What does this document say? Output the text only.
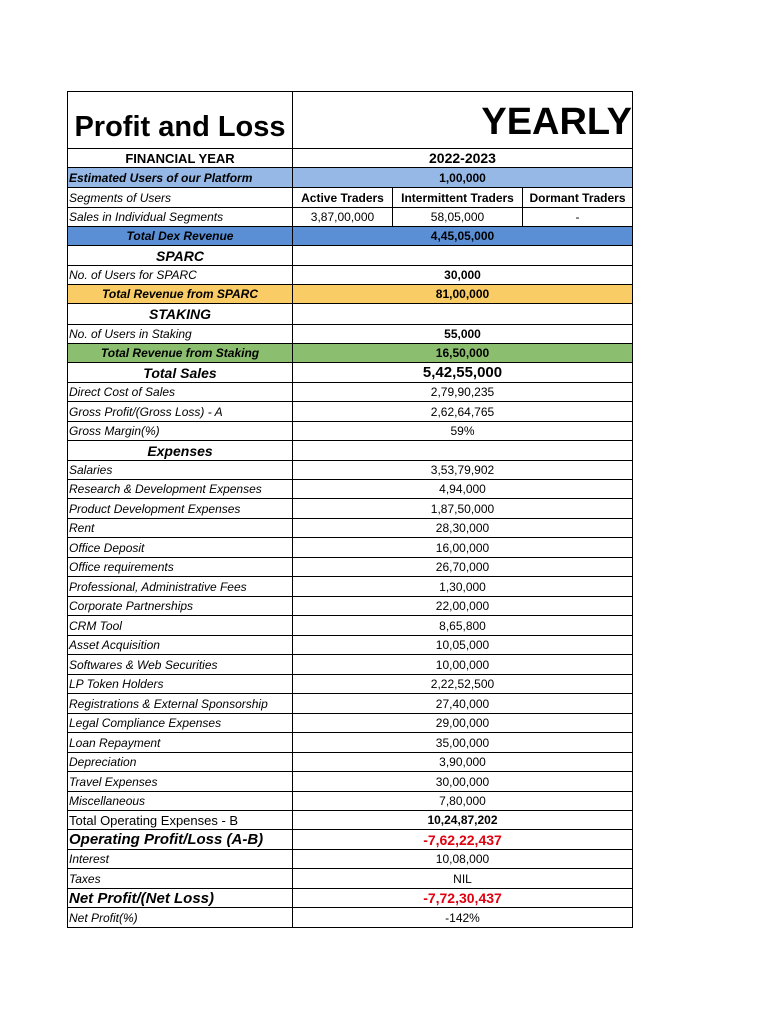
Profit and Loss	YEARLY
FINANCIAL YEAR	2022-2023
Estimated Users of our Platform	1,00,000
Segments of Users	Active Traders	Intermittent Traders	Dormant Traders
Sales in Individual Segments	3,87,00,000	58,05,000	-
Total Dex Revenue	4,45,05,000
SPARC
No. of Users for SPARC	30,000
Total Revenue from SPARC	81,00,000
STAKING
No. of Users in Staking	55,000
Total Revenue from Staking	16,50,000
Total Sales	5,42,55,000
Direct Cost of Sales	2,79,90,235
Gross Profit/(Gross Loss) - A	2,62,64,765
Gross Margin(%)	59%
Expenses
Salaries	3,53,79,902
Research & Development Expenses	4,94,000
Product Development Expenses	1,87,50,000
Rent	28,30,000
Office Deposit	16,00,000
Office requirements	26,70,000
Professional, Administrative Fees	1,30,000
Corporate Partnerships	22,00,000
CRM Tool	8,65,800
Asset Acquisition	10,05,000
Softwares & Web Securities	10,00,000
LP Token Holders	2,22,52,500
Registrations & External Sponsorship	27,40,000
Legal Compliance Expenses	29,00,000
Loan Repayment	35,00,000
Depreciation	3,90,000
Travel Expenses	30,00,000
Miscellaneous	7,80,000
Total Operating Expenses - B	10,24,87,202
Operating Profit/Loss (A-B)	-7,62,22,437
Interest	10,08,000
Taxes	NIL
Net Profit/(Net Loss)	-7,72,30,437
Net Profit(%)	-142%
